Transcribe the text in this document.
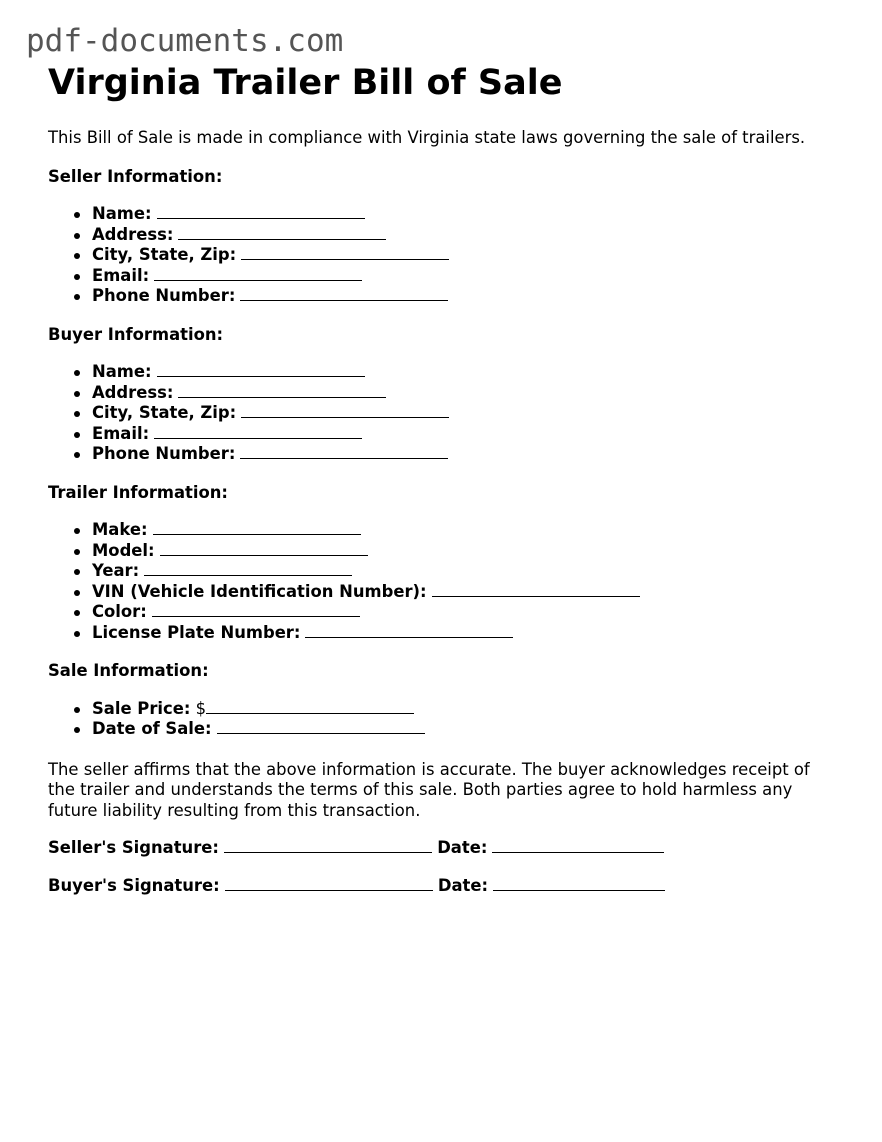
pdf-documents.com
Virginia Trailer Bill of Sale

This Bill of Sale is made in compliance with Virginia state laws governing the sale of trailers.

Seller Information:
Name:
Address:
City, State, Zip:
Email:
Phone Number:
Buyer Information:
Name:
Address:
City, State, Zip:
Email:
Phone Number:
Trailer Information:
Make:
Model:
Year:
VIN (Vehicle Identification Number):
Color:
License Plate Number:
Sale Information:
Sale Price: $
Date of Sale:

The seller affirms that the above information is accurate. The buyer acknowledges receipt of the trailer and understands the terms of this sale. Both parties agree to hold harmless any future liability resulting from this transaction.

Seller's Signature:	Date:
Buyer's Signature:	Date:
